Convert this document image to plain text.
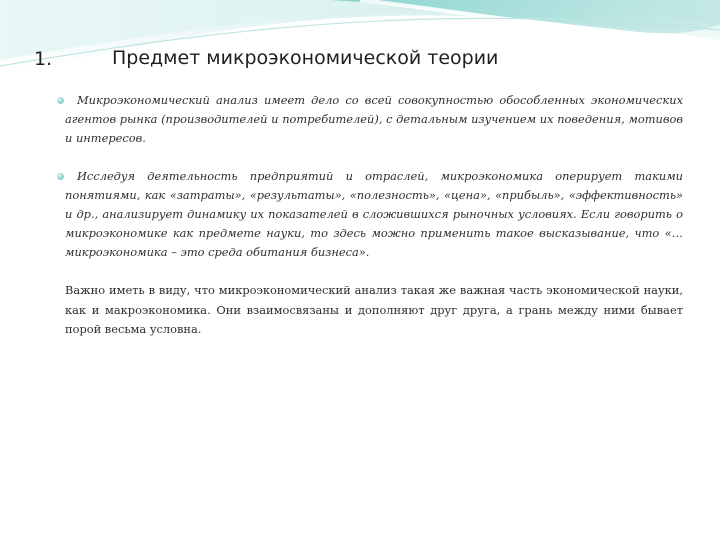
1.	Предмет микроэкономической теории

Микроэкономический анализ имеет дело со всей совокупностью обособленных экономических агентов рынка (производителей и потребителей), с детальным изучением их поведения, мотивов и интересов.

Исследуя деятельность предприятий и отраслей, микроэкономика оперирует такими понятиями, как «затраты», «результаты», «полезность», «цена», «прибыль», «эффективность» и др., анализирует динамику их показателей в сложившихся рыночных условиях. Если говорить о микроэкономике как предмете науки, то здесь можно применить такое высказывание, что «…микроэкономика – это среда обитания бизнеса».

Важно иметь в виду, что микроэкономический анализ такая же важная часть экономической науки, как и макроэкономика. Они взаимосвязаны и дополняют друг друга, а грань между ними бывает порой весьма условна.
